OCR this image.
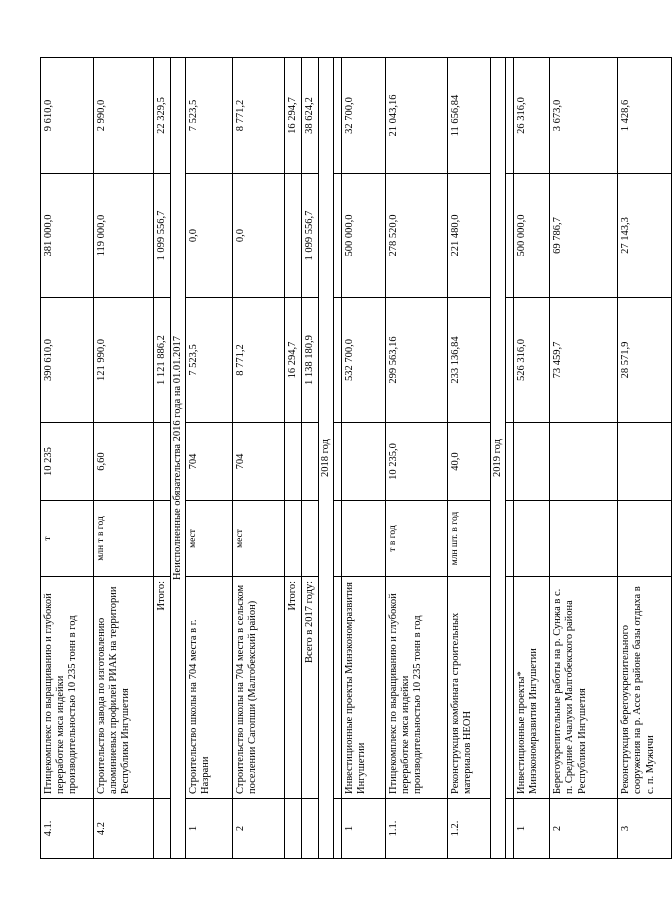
4.1.	Птицекомплекс по выращиванию и глубокой переработке мяса индейки производительностью 10 235 тонн в год	т	10 235	390 610,0	381 000,0	9 610,0
4.2	Строительство завода по изготовлению алюминиевых профилей РИАК на территории Республики Ингушетия	млн т в год	6,60	121 990,0	119 000,0	2 990,0
	Итого:			1 121 886,2	1 099 556,7	22 329,5
Неисполненные обязательства 2016 года на 01.01.2017						
1	Строительство школы на 704 места в г. Назрани	мест	704	7 523,5	0,0	7 523,5
2	Строительство школы на 704 места в сельском поселении Сагопши (Малгобекский район)	мест	704	8 771,2	0,0	8 771,2
	Итого:			16 294,7		16 294,7
	Всего в 2017 году:			1 138 180,9	1 099 556,7	38 624,2
2018 год						

1	Инвестиционные проекты Минэкономразвития Ингушетии			532 700,0	500 000,0	32 700,0
1.1.	Птицекомплекс по выращиванию и глубокой переработке мяса индейки производительностью 10 235 тонн в год	т в год	10 235,0	299 563,16	278 520,0	21 043,16
1.2.	Реконструкция комбината строительных материалов НЕОН	млн шт. в год	40,0	233 136,84	221 480,0	11 656,84
2019 год						

1	Инвестиционные проекты* Минэкономразвития Ингушетии			526 316,0	500 000,0	26 316,0
2	Берегоукрепительные работы на р. Сунжа в с. п. Средние Ачалуки Малгобекского района Республики Ингушетия			73 459,7	69 786,7	3 673,0
3	Реконструкция берегоукрепительного сооружения на р. Ассе в районе базы отдыха в с. п. Мужичи			28 571,9	27 143,3	1 428,6
